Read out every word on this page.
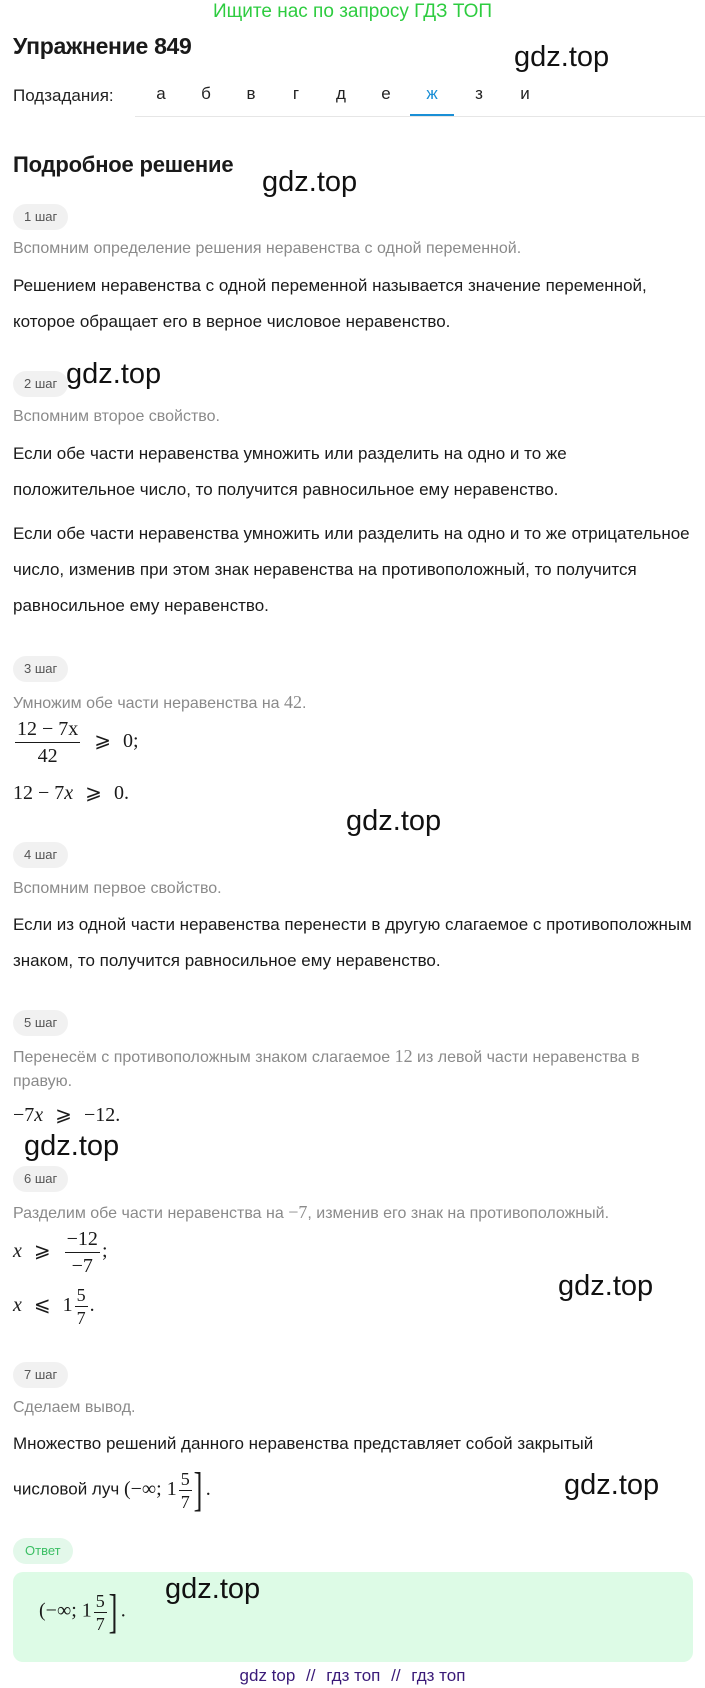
Ищите нас по запросу ГДЗ ТОП
Упражнение 849
Подзадания:	а	б	в	г	д	е	ж	з	и
gdz.top
Подробное решение
gdz.top
1 шаг
Вспомним определение решения неравенства с одной переменной.
Решением неравенства с одной переменной называется значение переменной, которое обращает его в верное числовое неравенство.
2 шаг gdz.top
Вспомним второе свойство.
Если обе части неравенства умножить или разделить на одно и то же положительное число, то получится равносильное ему неравенство.
Если обе части неравенства умножить или разделить на одно и то же отрицательное число, изменив при этом знак неравенства на противоположный, то получится равносильное ему неравенство.
3 шаг
Умножим обе части неравенства на 42.
$\frac{12 - 7x}{42}$ ⩾ 0;
12 − 7x ⩾ 0.
gdz.top
4 шаг
Вспомним первое свойство.
Если из одной части неравенства перенести в другую слагаемое с противоположным знаком, то получится равносильное ему неравенство.
5 шаг
Перенесём с противоположным знаком слагаемое 12 из левой части неравенства в правую.
−7x ⩾ −12.
gdz.top
6 шаг
Разделим обе части неравенства на −7, изменив его знак на противоположный.
x ⩾ $\frac{-12}{-7}$ ;
x ⩽ $1 \frac{5}{7}$ .
gdz.top
7 шаг
Сделаем вывод.
Множество решений данного неравенства представляет собой закрытый
числовой луч (−∞; $1 \frac{5}{7}$ ] .	gdz.top
Ответ
(−∞; $1 \frac{5}{7}$ ] .
gdz.top
gdz top // гдз топ // гдз топ
